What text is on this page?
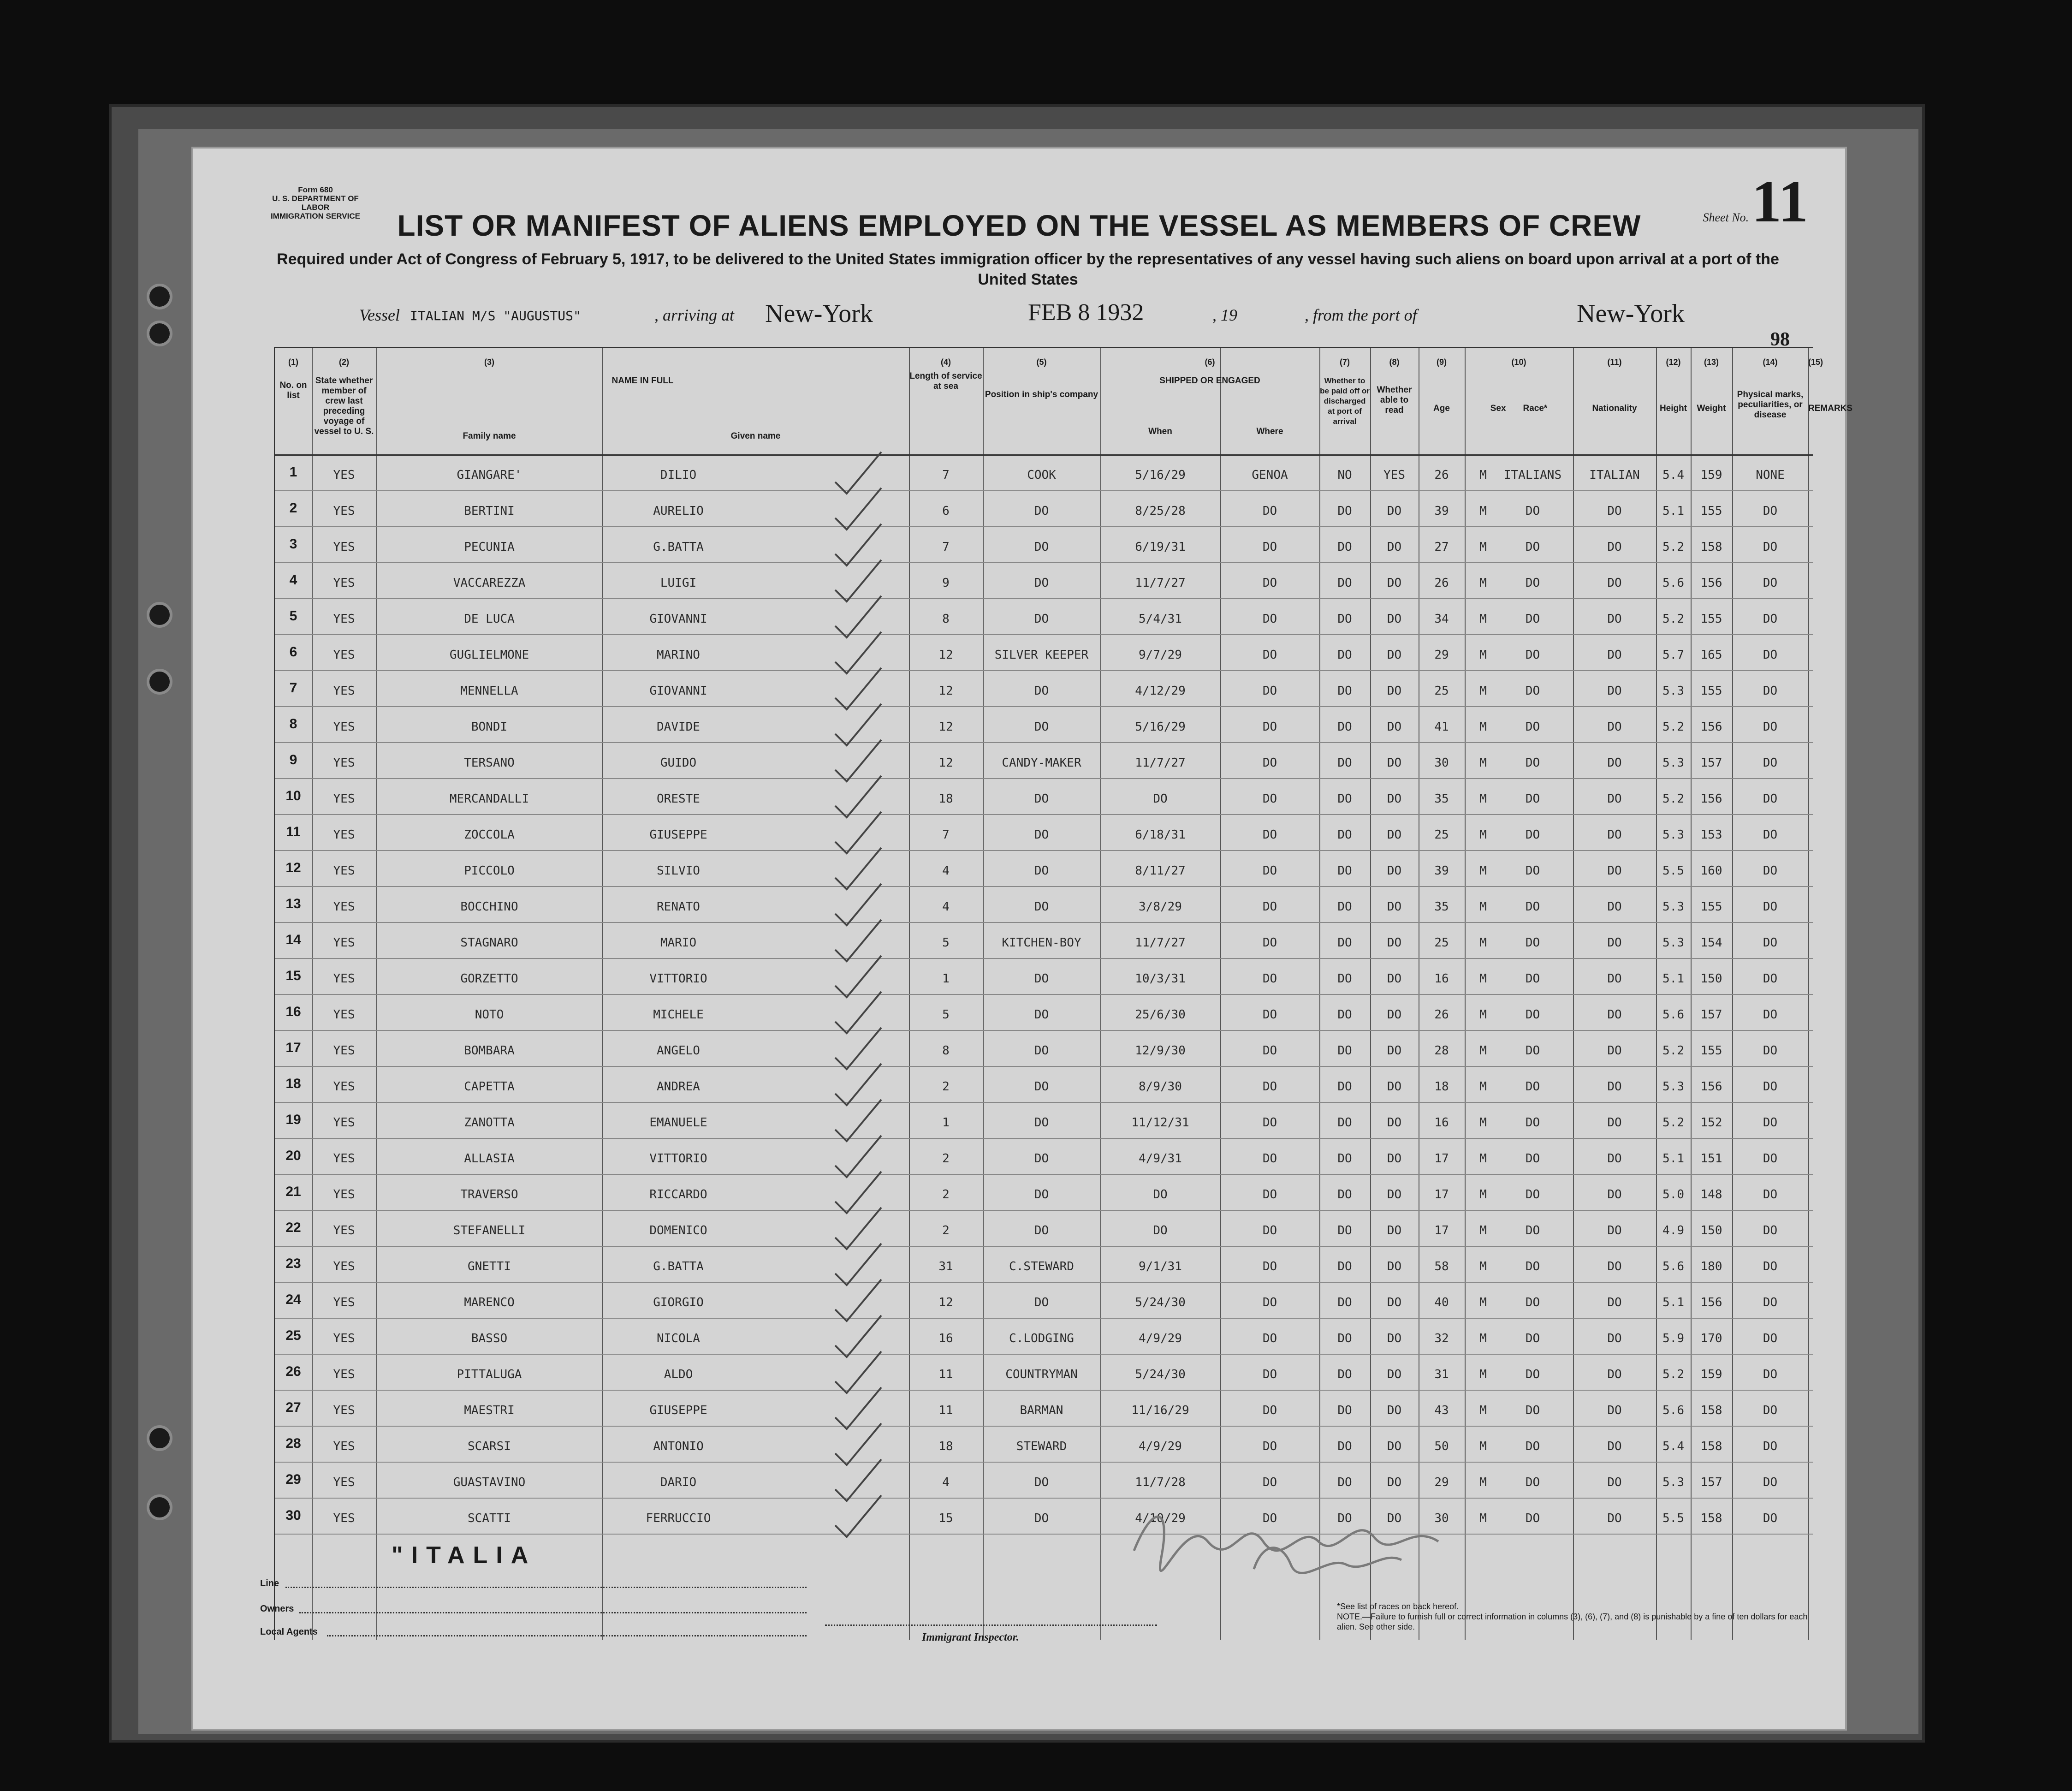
Form 680
U. S. DEPARTMENT OF LABOR
IMMIGRATION SERVICE	Sheet No.11
LIST OR MANIFEST OF ALIENS EMPLOYED ON THE VESSEL AS MEMBERS OF CREW
Required under Act of Congress of February 5, 1917, to be delivered to the United States immigration officer by the representatives of any vessel having such aliens on board upon arrival at a port of the United States
Vessel ITALIAN M/S "AUGUSTUS"	, arriving at New-York	FEB 8 1932	, 19	, from the port of	New-York
98
(1)	(2)	(3)	(4)	(5)	(6)	(7)	(8)	(9)	(10)	(11)	(12)	(13)	(14)	(15)
No. on list
State whether member of crew last preceding voyage of vessel to U. S.
NAME IN FULL
Family name	Given name
Length of service at sea
Position in ship's company
SHIPPED OR ENGAGED
When	Where
Whether to be paid off or discharged at port of arrival
Whether able to read	Age	Sex Race*	Nationality	Height	Weight
Physical marks, peculiarities, or disease
REMARKS
1	YES	GIANGARE'	DILIO	7	COOK	5/16/29	GENOA	NO	YES	26	M	ITALIANS	ITALIAN	5.4	159	NONE
2	YES	BERTINI	AURELIO	6	DO	8/25/28	DO	DO	DO	39	M	DO	DO	5.1	155	DO
3	YES	PECUNIA	G.BATTA	7	DO	6/19/31	DO	DO	DO	27	M	DO	DO	5.2	158	DO
4	YES	VACCAREZZA	LUIGI	9	DO	11/7/27	DO	DO	DO	26	M	DO	DO	5.6	156	DO
5	YES	DE LUCA	GIOVANNI	8	DO	5/4/31	DO	DO	DO	34	M	DO	DO	5.2	155	DO
6	YES	GUGLIELMONE	MARINO	12	SILVER KEEPER	9/7/29	DO	DO	DO	29	M	DO	DO	5.7	165	DO
7	YES	MENNELLA	GIOVANNI	12	DO	4/12/29	DO	DO	DO	25	M	DO	DO	5.3	155	DO
8	YES	BONDI	DAVIDE	12	DO	5/16/29	DO	DO	DO	41	M	DO	DO	5.2	156	DO
9	YES	TERSANO	GUIDO	12	CANDY-MAKER	11/7/27	DO	DO	DO	30	M	DO	DO	5.3	157	DO
10	YES	MERCANDALLI	ORESTE	18	DO	DO	DO	DO	DO	35	M	DO	DO	5.2	156	DO
11	YES	ZOCCOLA	GIUSEPPE	7	DO	6/18/31	DO	DO	DO	25	M	DO	DO	5.3	153	DO
12	YES	PICCOLO	SILVIO	4	DO	8/11/27	DO	DO	DO	39	M	DO	DO	5.5	160	DO
13	YES	BOCCHINO	RENATO	4	DO	3/8/29	DO	DO	DO	35	M	DO	DO	5.3	155	DO
14	YES	STAGNARO	MARIO	5	KITCHEN-BOY	11/7/27	DO	DO	DO	25	M	DO	DO	5.3	154	DO
15	YES	GORZETTO	VITTORIO	1	DO	10/3/31	DO	DO	DO	16	M	DO	DO	5.1	150	DO
16	YES	NOTO	MICHELE	5	DO	25/6/30	DO	DO	DO	26	M	DO	DO	5.6	157	DO
17	YES	BOMBARA	ANGELO	8	DO	12/9/30	DO	DO	DO	28	M	DO	DO	5.2	155	DO
18	YES	CAPETTA	ANDREA	2	DO	8/9/30	DO	DO	DO	18	M	DO	DO	5.3	156	DO
19	YES	ZANOTTA	EMANUELE	1	DO	11/12/31	DO	DO	DO	16	M	DO	DO	5.2	152	DO
20	YES	ALLASIA	VITTORIO	2	DO	4/9/31	DO	DO	DO	17	M	DO	DO	5.1	151	DO
21	YES	TRAVERSO	RICCARDO	2	DO	DO	DO	DO	DO	17	M	DO	DO	5.0	148	DO
22	YES	STEFANELLI	DOMENICO	2	DO	DO	DO	DO	DO	17	M	DO	DO	4.9	150	DO
23	YES	GNETTI	G.BATTA	31	C.STEWARD	9/1/31	DO	DO	DO	58	M	DO	DO	5.6	180	DO
24	YES	MARENCO	GIORGIO	12	DO	5/24/30	DO	DO	DO	40	M	DO	DO	5.1	156	DO
25	YES	BASSO	NICOLA	16	C.LODGING	4/9/29	DO	DO	DO	32	M	DO	DO	5.9	170	DO
26	YES	PITTALUGA	ALDO	11	COUNTRYMAN	5/24/30	DO	DO	DO	31	M	DO	DO	5.2	159	DO
27	YES	MAESTRI	GIUSEPPE	11	BARMAN	11/16/29	DO	DO	DO	43	M	DO	DO	5.6	158	DO
28	YES	SCARSI	ANTONIO	18	STEWARD	4/9/29	DO	DO	DO	50	M	DO	DO	5.4	158	DO
29	YES	GUASTAVINO	DARIO	4	DO	11/7/28	DO	DO	DO	29	M	DO	DO	5.3	157	DO
30	YES	SCATTI	FERRUCCIO	15	DO	4/10/29	DO	DO	DO	30	M	DO	DO	5.5	158	DO
"ITALIA
Line
Owners
Local Agents	Immigrant Inspector.
*See list of races on back hereof.
NOTE.—Failure to furnish full or correct information in columns (3), (6), (7), and (8) is punishable by a fine of ten dollars for each alien. See other side.
